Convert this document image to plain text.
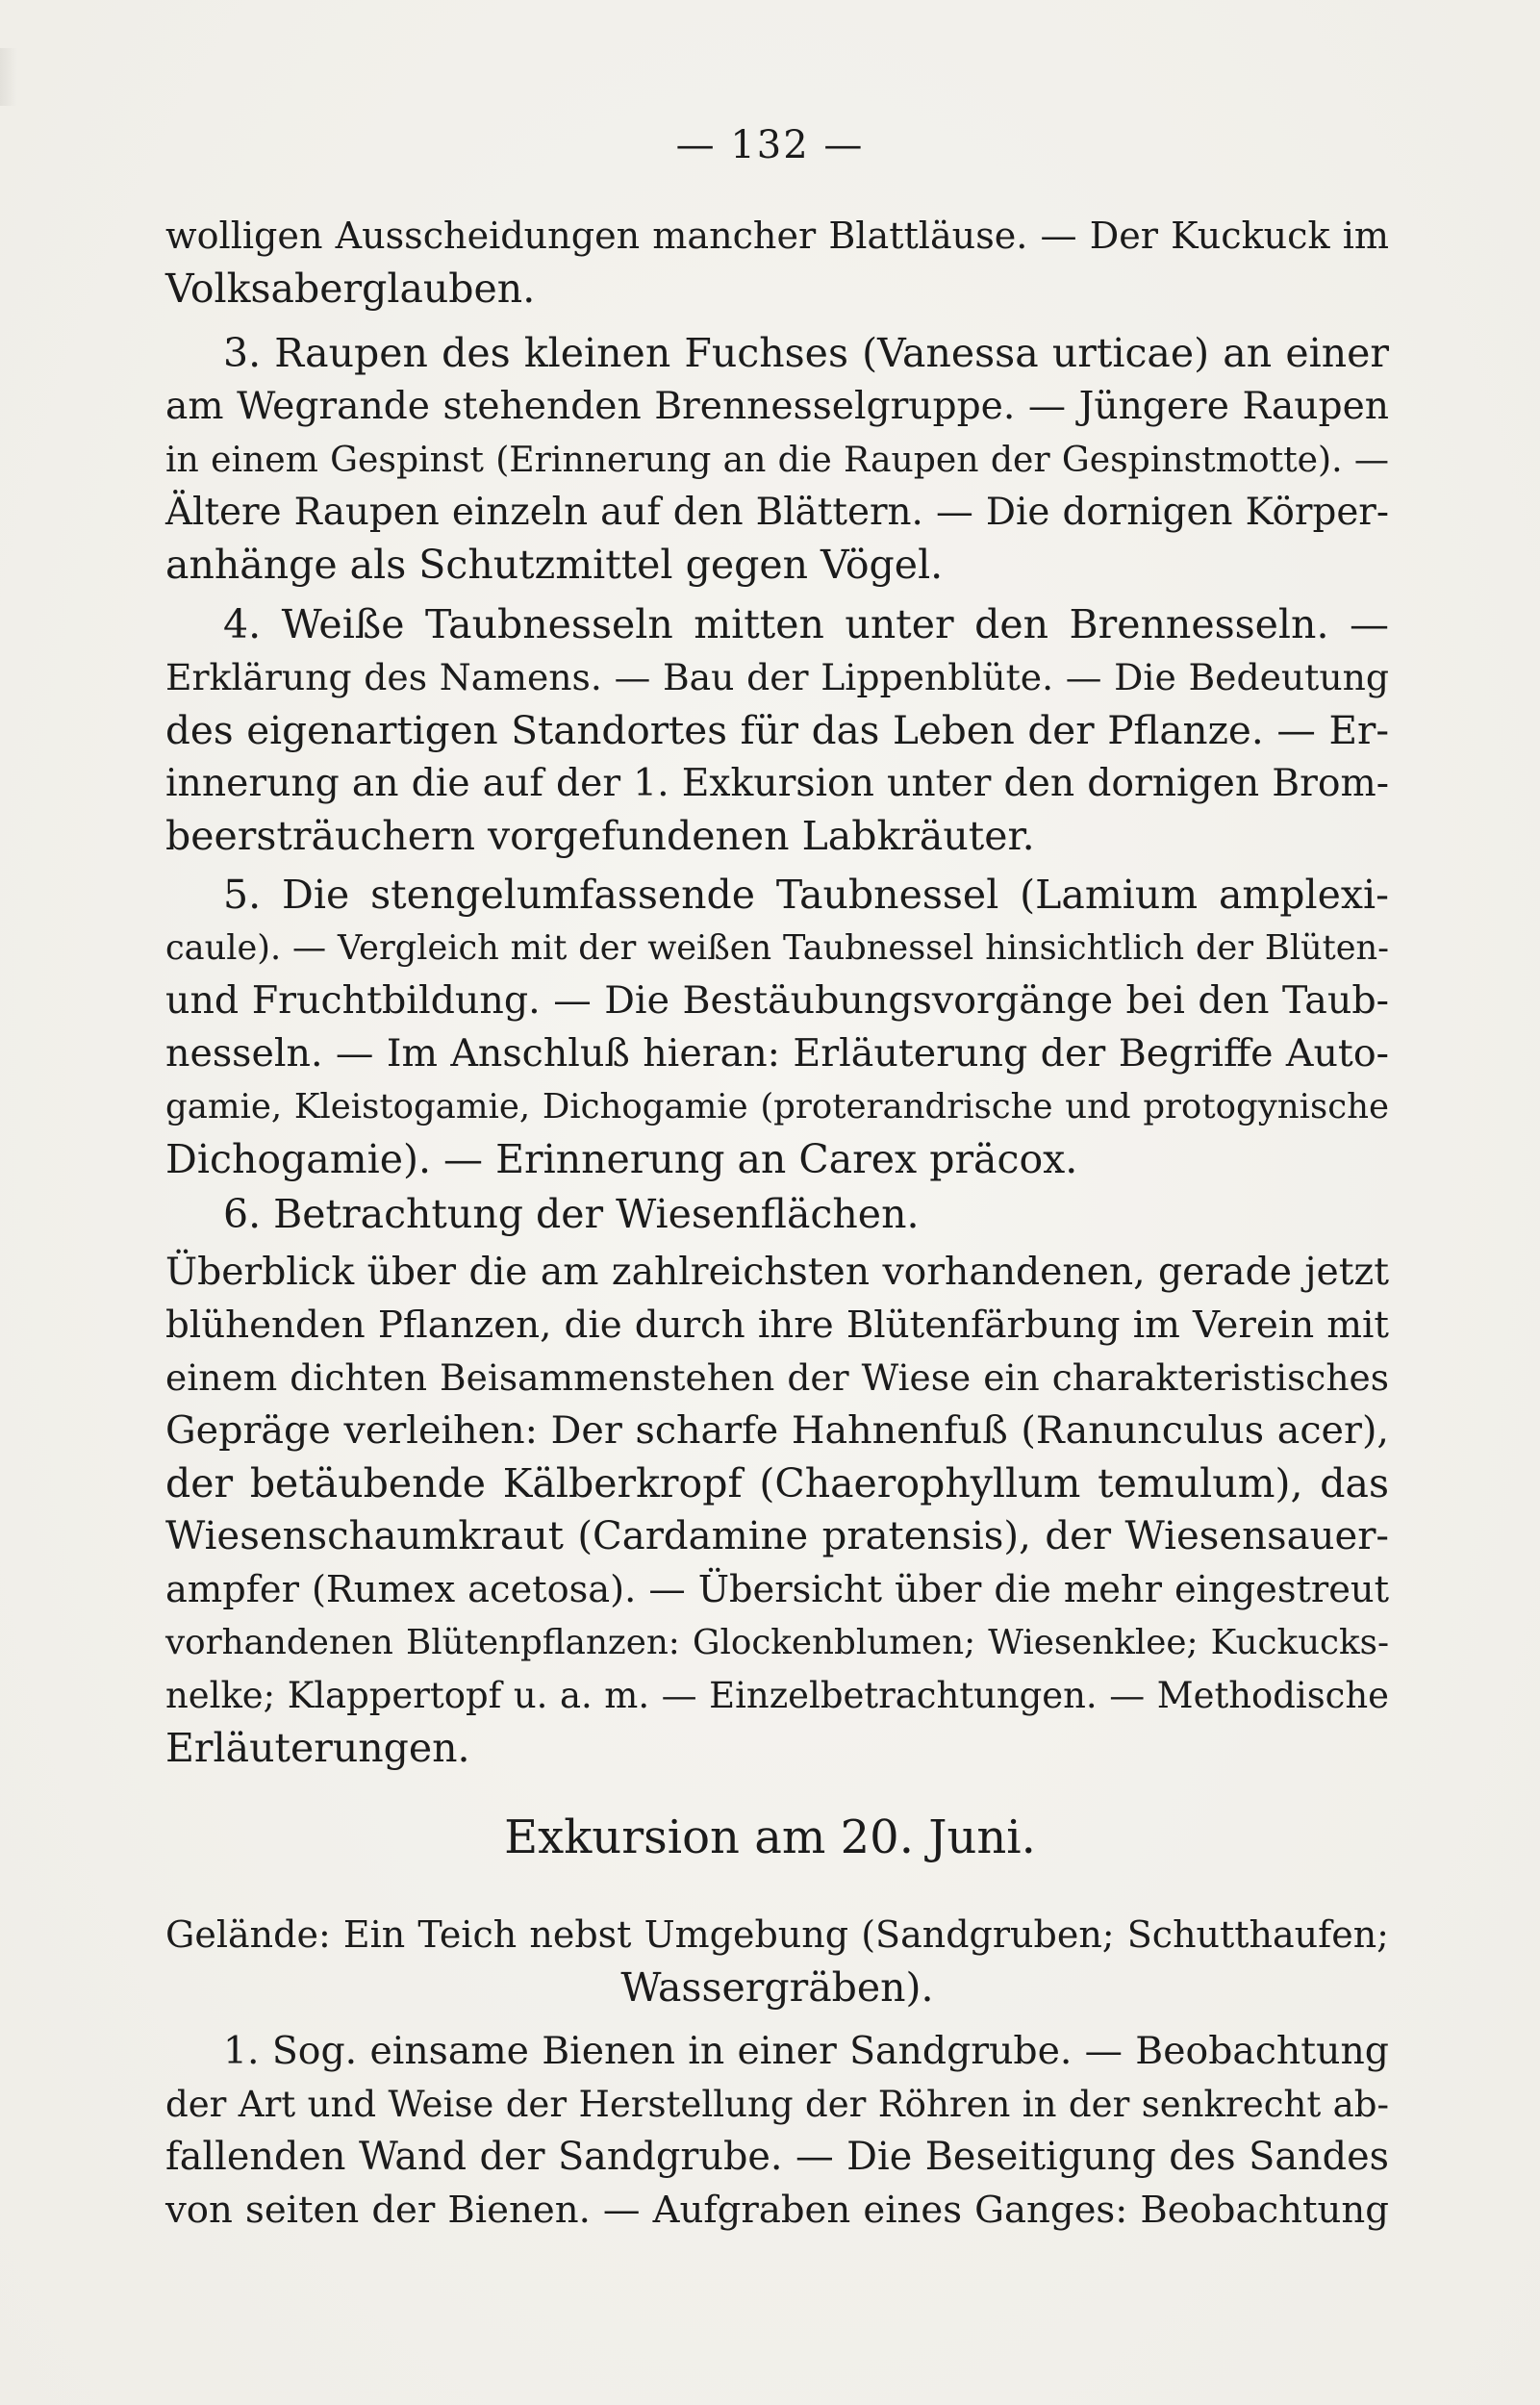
— 132 —
wolligen Ausscheidungen mancher Blattläuse. — Der Kuckuck im
Volksaberglauben.
3. Raupen des kleinen Fuchses (Vanessa urticae) an einer
am Wegrande stehenden Brennesselgruppe. — Jüngere Raupen
in einem Gespinst (Erinnerung an die Raupen der Gespinstmotte). —
Ältere Raupen einzeln auf den Blättern. — Die dornigen Körper-
anhänge als Schutzmittel gegen Vögel.
4. Weiße Taubnesseln mitten unter den Brennesseln. —
Erklärung des Namens. — Bau der Lippenblüte. — Die Bedeutung
des eigenartigen Standortes für das Leben der Pflanze. — Er-
innerung an die auf der 1. Exkursion unter den dornigen Brom-
beersträuchern vorgefundenen Labkräuter.
5. Die stengelumfassende Taubnessel (Lamium amplexi-
caule). — Vergleich mit der weißen Taubnessel hinsichtlich der Blüten-
und Fruchtbildung. — Die Bestäubungsvorgänge bei den Taub-
nesseln. — Im Anschluß hieran: Erläuterung der Begriffe Auto-
gamie, Kleistogamie, Dichogamie (proterandrische und protogynische
Dichogamie). — Erinnerung an Carex präcox.
6. Betrachtung der Wiesenflächen.
Überblick über die am zahlreichsten vorhandenen, gerade jetzt
blühenden Pflanzen, die durch ihre Blütenfärbung im Verein mit
einem dichten Beisammenstehen der Wiese ein charakteristisches
Gepräge verleihen: Der scharfe Hahnenfuß (Ranunculus acer),
der betäubende Kälberkropf (Chaerophyllum temulum), das
Wiesenschaumkraut (Cardamine pratensis), der Wiesensauer-
ampfer (Rumex acetosa). — Übersicht über die mehr eingestreut
vorhandenen Blütenpflanzen: Glockenblumen; Wiesenklee; Kuckucks-
nelke; Klappertopf u. a. m. — Einzelbetrachtungen. — Methodische
Erläuterungen.
Exkursion am 20. Juni.
Gelände: Ein Teich nebst Umgebung (Sandgruben; Schutthaufen;
Wassergräben).
1. Sog. einsame Bienen in einer Sandgrube. — Beobachtung
der Art und Weise der Herstellung der Röhren in der senkrecht ab-
fallenden Wand der Sandgrube. — Die Beseitigung des Sandes
von seiten der Bienen. — Aufgraben eines Ganges: Beobachtung
